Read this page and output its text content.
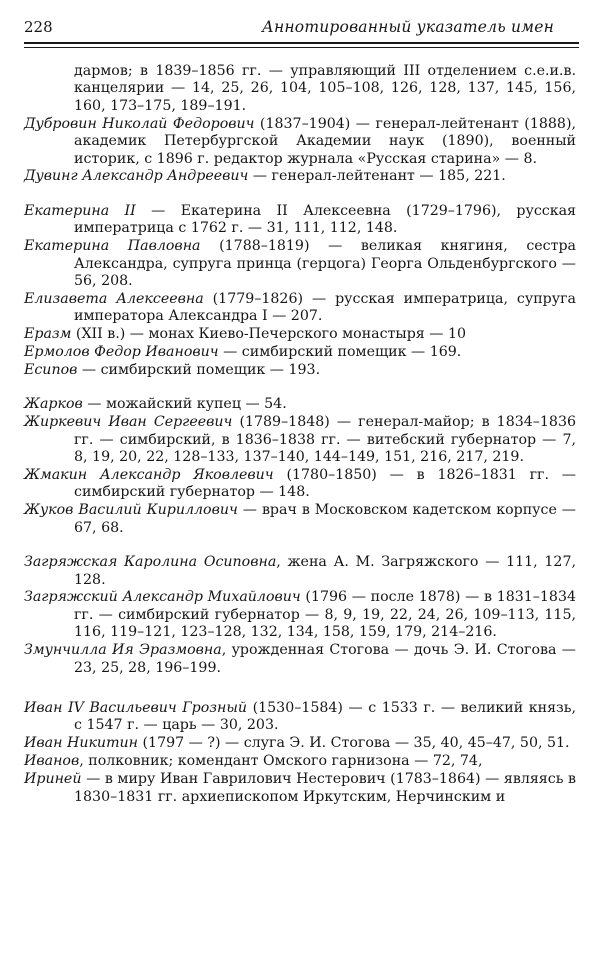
228	Аннотированный указатель имен

дармов; в 1839–1856 гг. — управляющий III отделением с.е.и.в. канцелярии — 14, 25, 26, 104, 105–108, 126, 128, 137, 145, 156, 160, 173–175, 189–191.

Дубровин Николай Федорович (1837–1904) — генерал-лейтенант (1888), академик Петербургской Академии наук (1890), военный историк, с 1896 г. редактор журнала «Русская старина» — 8.

Дувинг Александр Андреевич — генерал-лейтенант — 185, 221.

Екатерина II — Екатерина II Алексеевна (1729–1796), русская императрица с 1762 г. — 31, 111, 112, 148.

Екатерина Павловна (1788–1819) — великая княгиня, сестра Александра, супруга принца (герцога) Георга Ольденбургского — 56, 208.

Елизавета Алексеевна (1779–1826) — русская императрица, супруга императора Александра I — 207.

Еразм (XII в.) — монах Киево-Печерского монастыря — 10

Ермолов Федор Иванович — симбирский помещик — 169.

Есипов — симбирский помещик — 193.

Жарков — можайский купец — 54.

Жиркевич Иван Сергеевич (1789–1848) — генерал-майор; в 1834–1836 гг. — симбирский, в 1836–1838 гг. — витебский губернатор — 7, 8, 19, 20, 22, 128–133, 137–140, 144–149, 151, 216, 217, 219.

Жмакин Александр Яковлевич (1780–1850) — в 1826–1831 гг. — симбирский губернатор — 148.

Жуков Василий Кириллович — врач в Московском кадетском корпусе — 67, 68.

Загряжская Каролина Осиповна, жена А. М. Загряжского — 111, 127, 128.

Загряжский Александр Михайлович (1796 — после 1878) — в 1831–1834 гг. — симбирский губернатор — 8, 9, 19, 22, 24, 26, 109–113, 115, 116, 119–121, 123–128, 132, 134, 158, 159, 179, 214–216.

Змунчилла Ия Эразмовна, урожденная Стогова — дочь Э. И. Стогова — 23, 25, 28, 196–199.

Иван IV Васильевич Грозный (1530–1584) — с 1533 г. — великий князь, с 1547 г. — царь — 30, 203.

Иван Никитин (1797 — ?) — слуга Э. И. Стогова — 35, 40, 45–47, 50, 51.

Иванов, полковник; комендант Омского гарнизона — 72, 74,

Ириней — в миру Иван Гаврилович Нестерович (1783–1864) — являясь в 1830–1831 гг. архиепископом Иркутским, Нерчинским и
